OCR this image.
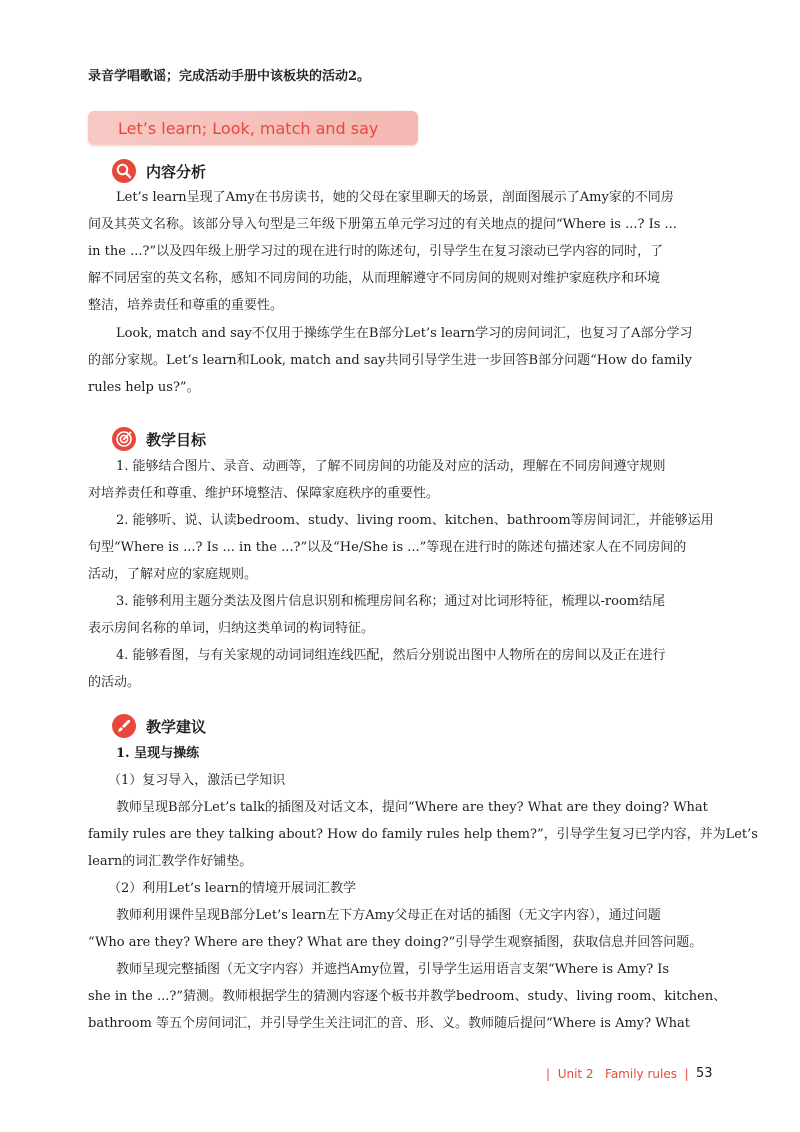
录音学唱歌谣；完成活动手册中该板块的活动2。
Let’s learn; Look, match and say
内容分析
Let’s learn呈现了Amy在书房读书，她的父母在家里聊天的场景，剖面图展示了Amy家的不同房
间及其英文名称。该部分导入句型是三年级下册第五单元学习过的有关地点的提问“Where is ...? Is ...
in the ...?”以及四年级上册学习过的现在进行时的陈述句，引导学生在复习滚动已学内容的同时，了
解不同居室的英文名称，感知不同房间的功能，从而理解遵守不同房间的规则对维护家庭秩序和环境
整洁，培养责任和尊重的重要性。
Look, match and say不仅用于操练学生在B部分Let’s learn学习的房间词汇，也复习了A部分学习
的部分家规。Let’s learn和Look, match and say共同引导学生进一步回答B部分问题“How do family
rules help us?”。
教学目标
1. 能够结合图片、录音、动画等，了解不同房间的功能及对应的活动，理解在不同房间遵守规则
对培养责任和尊重、维护环境整洁、保障家庭秩序的重要性。
2. 能够听、说、认读bedroom、study、living room、kitchen、bathroom等房间词汇，并能够运用
句型“Where is ...? Is ... in the ...?”以及“He/She is ...”等现在进行时的陈述句描述家人在不同房间的
活动，了解对应的家庭规则。
3. 能够利用主题分类法及图片信息识别和梳理房间名称；通过对比词形特征，梳理以-room结尾
表示房间名称的单词，归纳这类单词的构词特征。
4. 能够看图，与有关家规的动词词组连线匹配，然后分别说出图中人物所在的房间以及正在进行
的活动。
教学建议
1. 呈现与操练
（1）复习导入，激活已学知识
教师呈现B部分Let’s talk的插图及对话文本，提问“Where are they? What are they doing? What
family rules are they talking about? How do family rules help them?”，引导学生复习已学内容，并为Let’s
learn的词汇教学作好铺垫。
（2）利用Let’s learn的情境开展词汇教学
教师利用课件呈现B部分Let’s learn左下方Amy父母正在对话的插图（无文字内容），通过问题
“Who are they? Where are they? What are they doing?”引导学生观察插图，获取信息并回答问题。
教师呈现完整插图（无文字内容）并遮挡Amy位置，引导学生运用语言支架“Where is Amy? Is
she in the ...?”猜测。教师根据学生的猜测内容逐个板书并教学bedroom、study、living room、kitchen、
bathroom 等五个房间词汇，并引导学生关注词汇的音、形、义。教师随后提问“Where is Amy? What
| Unit 2 Family rules | 53
